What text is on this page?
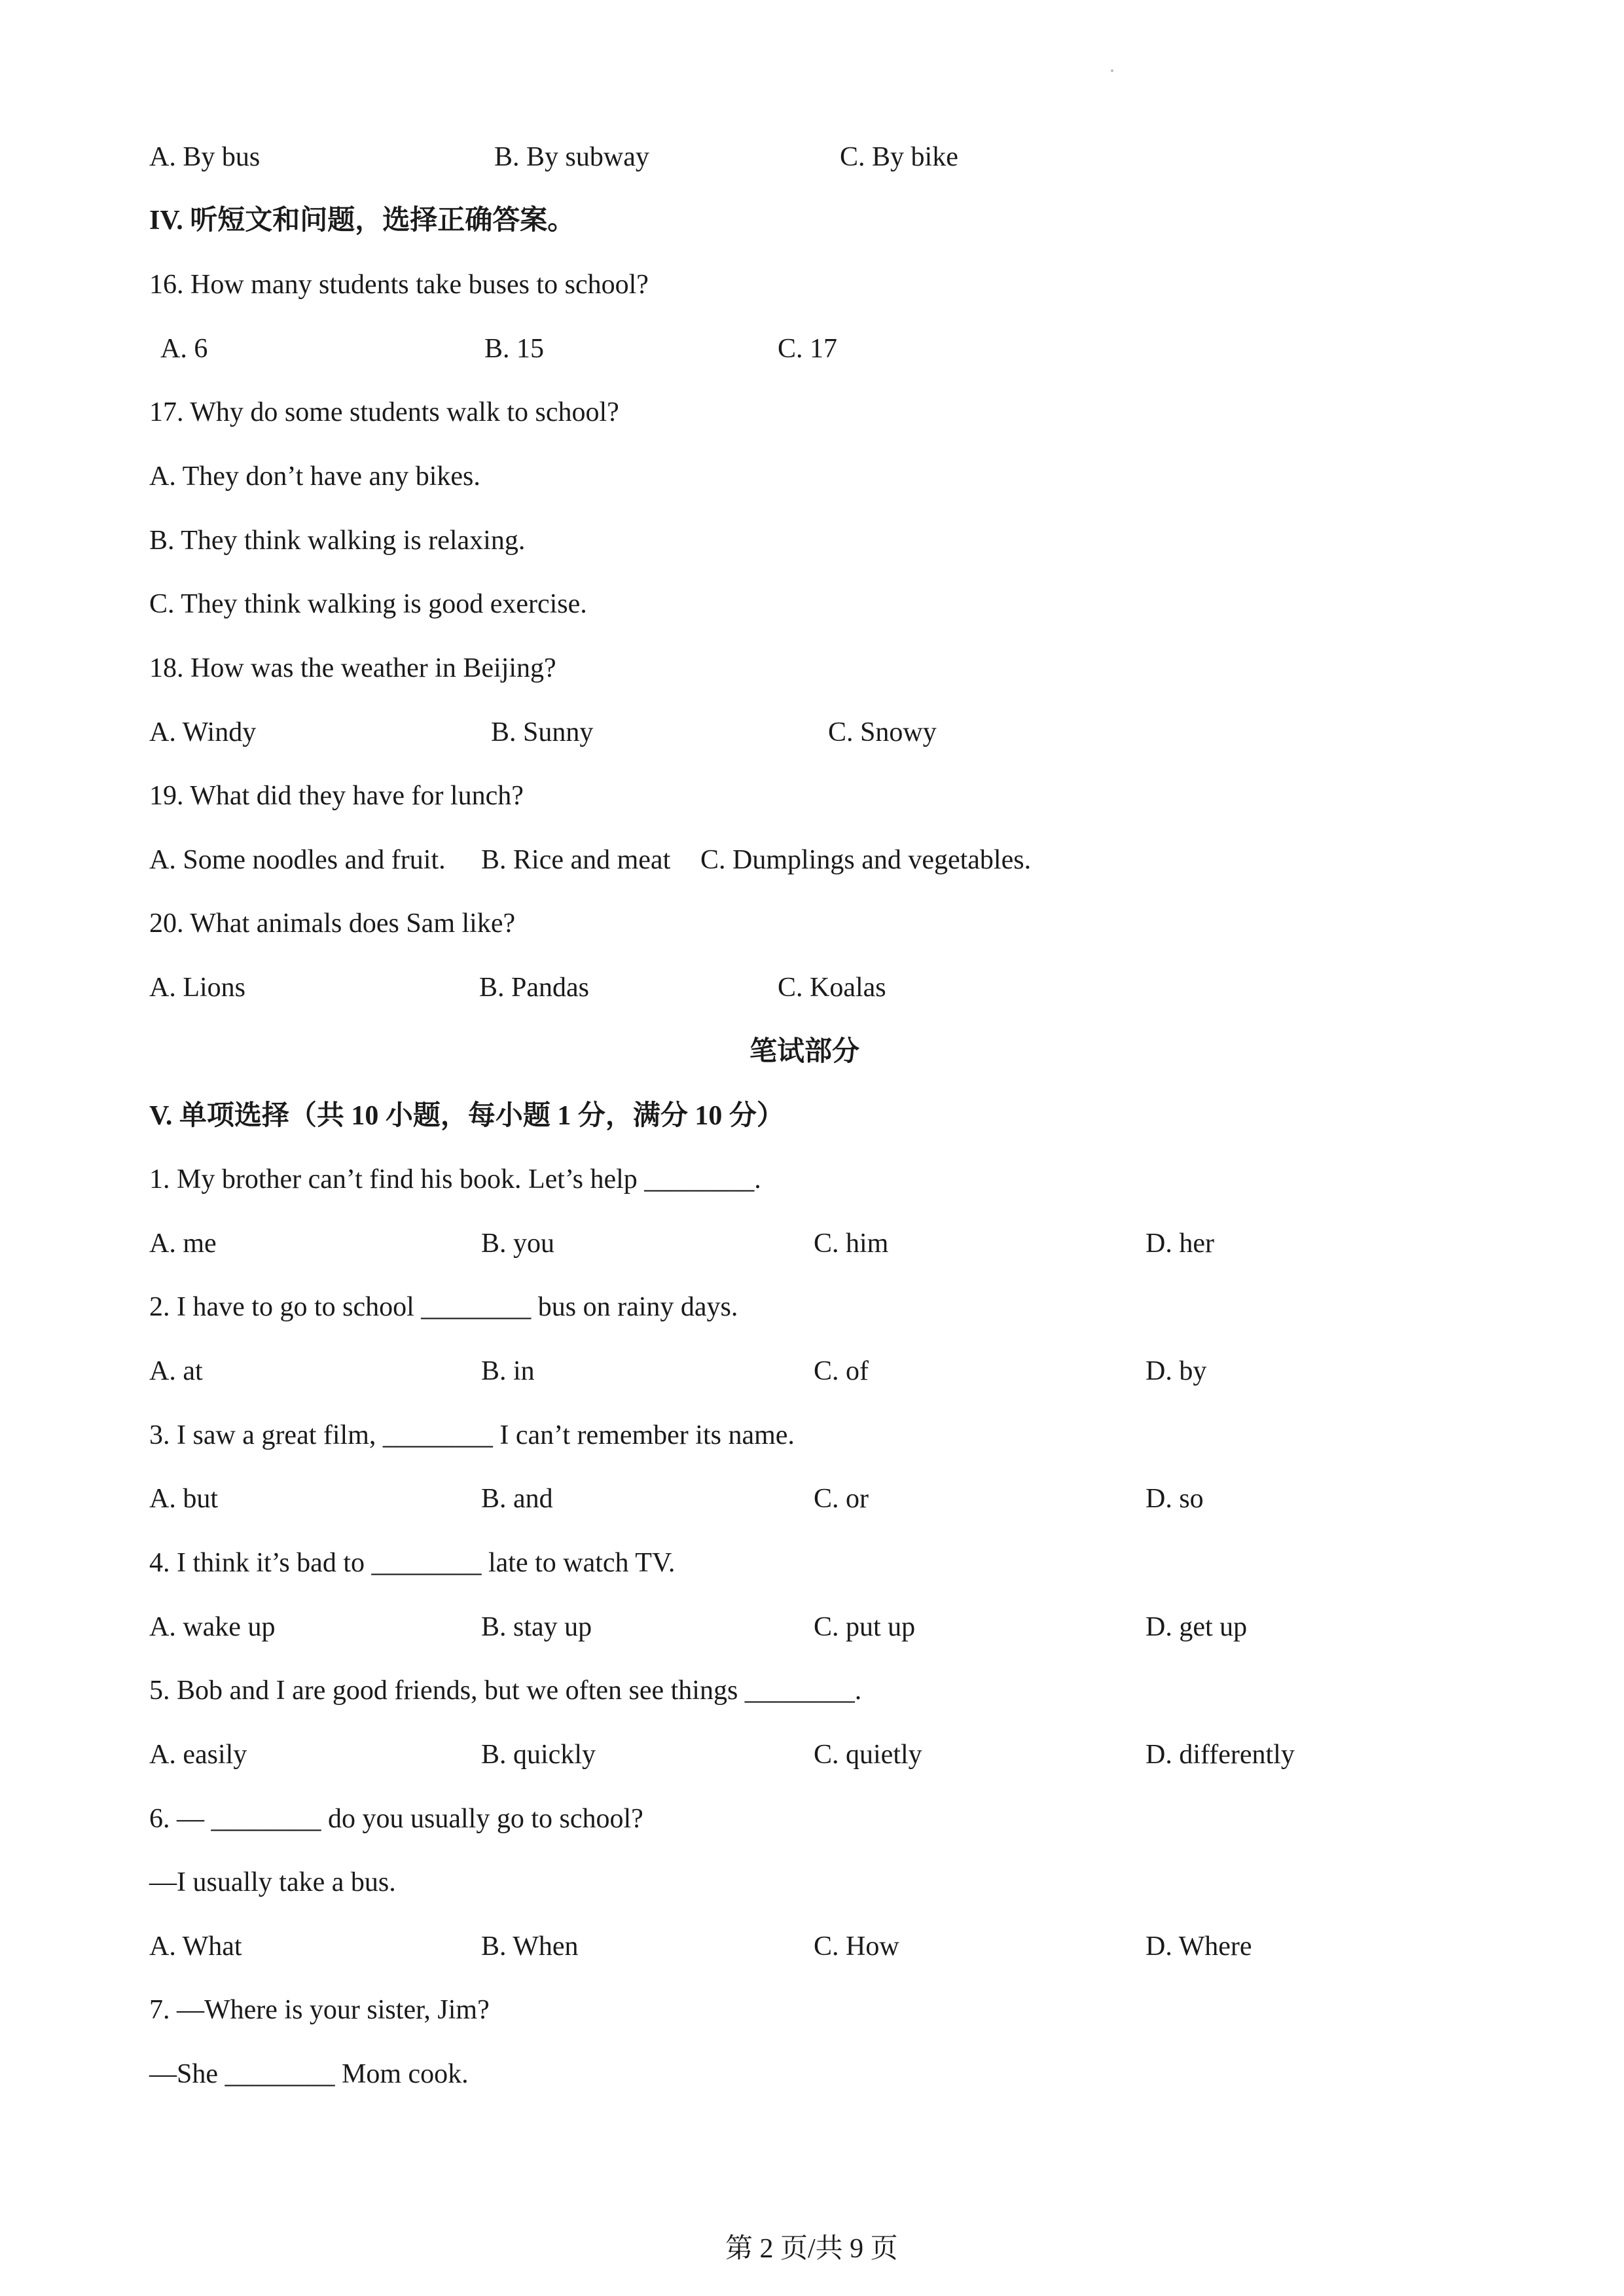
A. By bus	B. By subway	C. By bike
IV. 听短文和问题，选择正确答案。
16. How many students take buses to school?
A. 6	B. 15	C. 17
17. Why do some students walk to school?
A. They don’t have any bikes.
B. They think walking is relaxing.
C. They think walking is good exercise.
18. How was the weather in Beijing?
A. Windy	B. Sunny	C. Snowy
19. What did they have for lunch?
A. Some noodles and fruit. B. Rice and meat C. Dumplings and vegetables.
20. What animals does Sam like?
A. Lions	B. Pandas	C. Koalas
笔试部分
V. 单项选择（共 10 小题，每小题 1 分，满分 10 分）
1. My brother can’t find his book. Let’s help ________.
A. me	B. you	C. him	D. her
2. I have to go to school ________ bus on rainy days.
A. at	B. in	C. of	D. by
3. I saw a great film, ________ I can’t remember its name.
A. but	B. and	C. or	D. so
4. I think it’s bad to ________ late to watch TV.
A. wake up	B. stay up	C. put up	D. get up
5. Bob and I are good friends, but we often see things ________.
A. easily	B. quickly	C. quietly	D. differently
6. — ________ do you usually go to school?
—I usually take a bus.
A. What	B. When	C. How	D. Where
7. —Where is your sister, Jim?
—She ________ Mom cook.
第 2 页/共 9 页
